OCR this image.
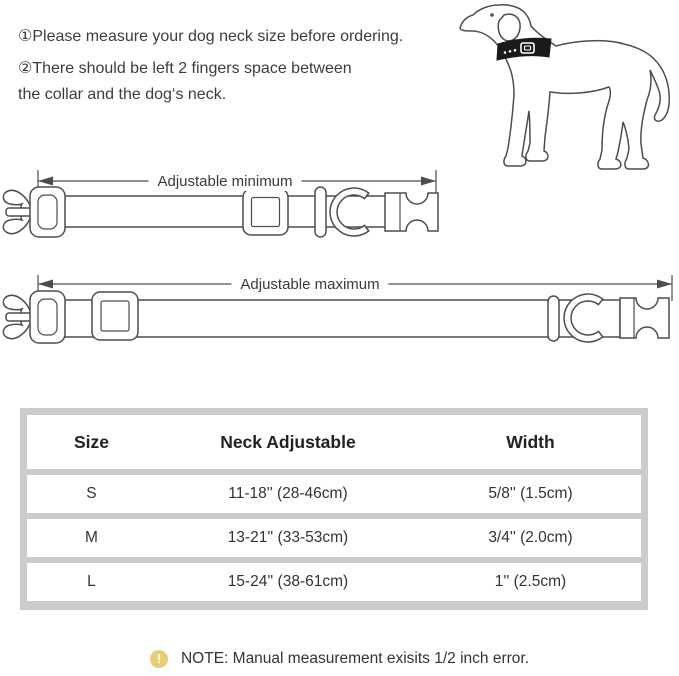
①Please measure your dog neck size before ordering.

②There should be left 2 fingers space between

the collar and the dog‘s neck.

Adjustable minimum
Adjustable maximum
Size	Neck Adjustable	Width
S	11-18'' (28-46cm)	5/8'' (1.5cm)
M	13-21'' (33-53cm)	3/4'' (2.0cm)
L	15-24'' (38-61cm)	1'' (2.5cm)
!	NOTE: Manual measurement exisits 1/2 inch error.
